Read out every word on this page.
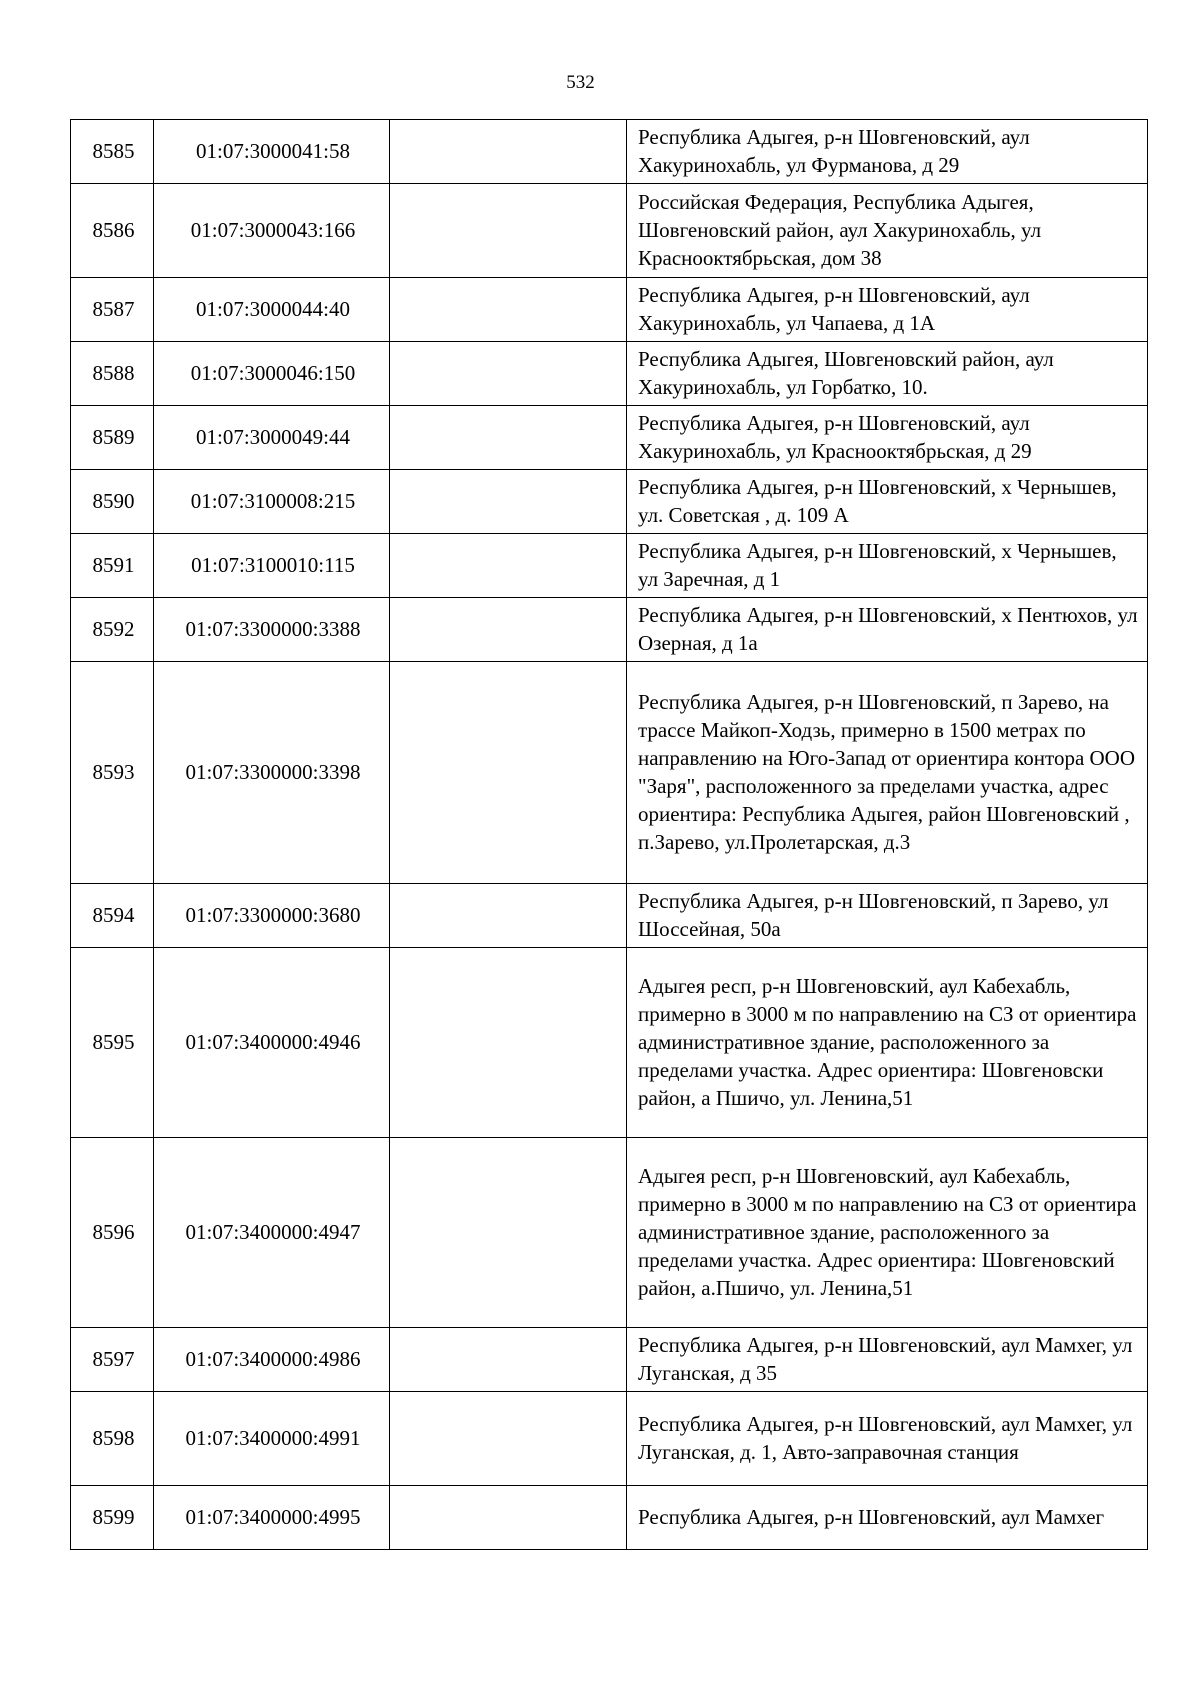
532
8585	01:07:3000041:58		Республика Адыгея, р-н Шовгеновский, аул Хакуринохабль, ул Фурманова, д 29
8586	01:07:3000043:166		Российская Федерация, Республика Адыгея, Шовгеновский район, аул Хакуринохабль, ул Краснооктябрьская, дом 38
8587	01:07:3000044:40		Республика Адыгея, р-н Шовгеновский, аул Хакуринохабль, ул Чапаева, д 1А
8588	01:07:3000046:150		Республика Адыгея, Шовгеновский район, аул Хакуринохабль, ул Горбатко, 10.
8589	01:07:3000049:44		Республика Адыгея, р-н Шовгеновский, аул Хакуринохабль, ул Краснооктябрьская, д 29
8590	01:07:3100008:215		Республика Адыгея, р-н Шовгеновский, х Чернышев, ул. Советская , д. 109 А
8591	01:07:3100010:115		Республика Адыгея, р-н Шовгеновский, х Чернышев, ул Заречная, д 1
8592	01:07:3300000:3388		Республика Адыгея, р-н Шовгеновский, х Пентюхов, ул Озерная, д 1а
8593	01:07:3300000:3398		Республика Адыгея, р-н Шовгеновский, п Зарево, на трассе Майкоп-Ходзь, примерно в 1500 метрах по направлению на Юго-Запад от ориентира контора ООО "Заря", расположенного за пределами участка, адрес ориентира: Республика Адыгея, район Шовгеновский , п.Зарево, ул.Пролетарская, д.3
8594	01:07:3300000:3680		Республика Адыгея, р-н Шовгеновский, п Зарево, ул Шоссейная, 50а
8595	01:07:3400000:4946		Адыгея респ, р-н Шовгеновский, аул Кабехабль, примерно в 3000 м по направлению на СЗ от ориентира административное здание, расположенного за пределами участка. Адрес ориентира: Шовгеновски район, а Пшичо, ул. Ленина,51
8596	01:07:3400000:4947		Адыгея респ, р-н Шовгеновский, аул Кабехабль, примерно в 3000 м по направлению на СЗ от ориентира административное здание, расположенного за пределами участка. Адрес ориентира: Шовгеновский район, а.Пшичо, ул. Ленина,51
8597	01:07:3400000:4986		Республика Адыгея, р-н Шовгеновский, аул Мамхег, ул Луганская, д 35
8598	01:07:3400000:4991		Республика Адыгея, р-н Шовгеновский, аул Мамхег, ул Луганская, д. 1, Авто-заправочная станция
8599	01:07:3400000:4995		Республика Адыгея, р-н Шовгеновский, аул Мамхег
